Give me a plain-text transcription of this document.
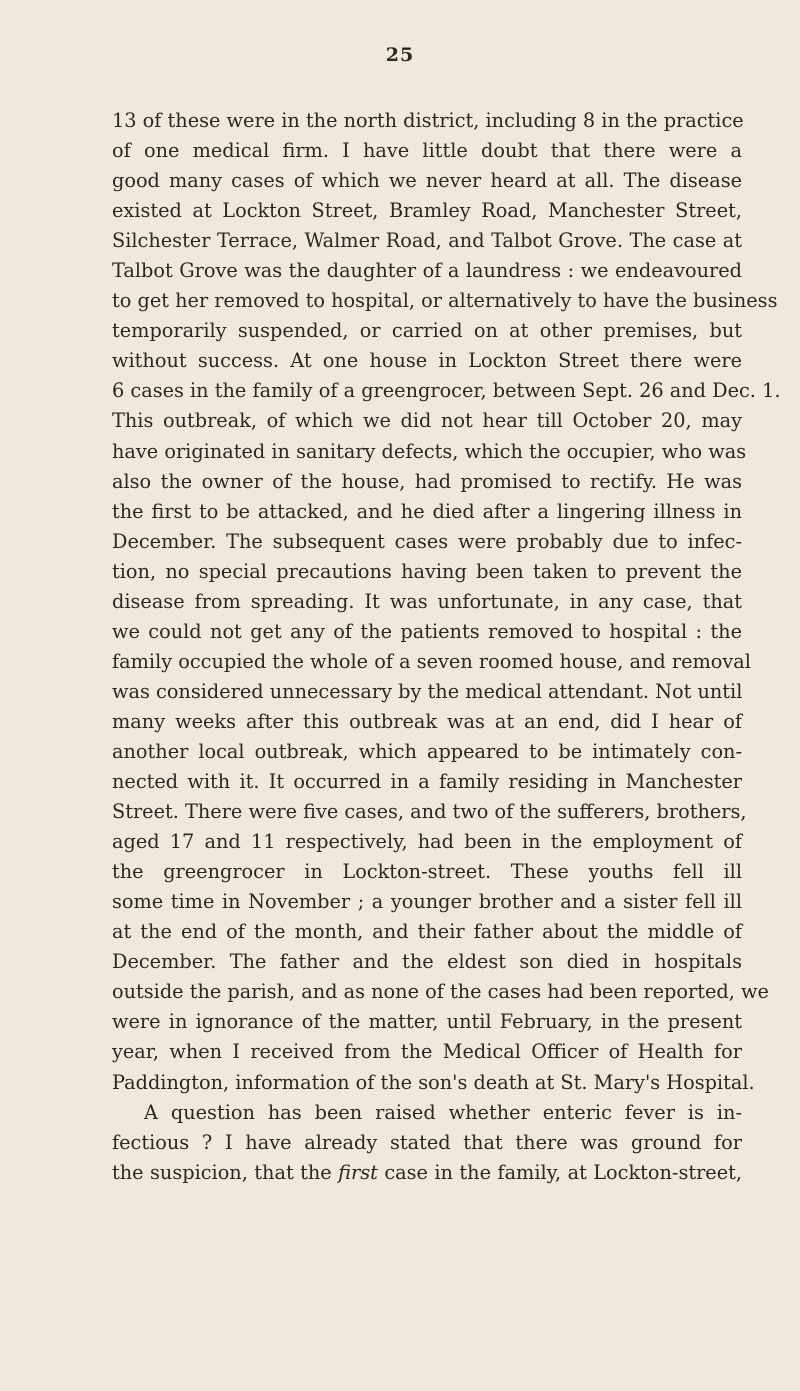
25
13 of these were in the north district, including 8 in the practice
of one medical firm. I have little doubt that there were a
good many cases of which we never heard at all. The disease
existed at Lockton Street, Bramley Road, Manchester Street,
Silchester Terrace, Walmer Road, and Talbot Grove. The case at
Talbot Grove was the daughter of a laundress : we endeavoured
to get her removed to hospital, or alternatively to have the business
temporarily suspended, or carried on at other premises, but
without success. At one house in Lockton Street there were
6 cases in the family of a greengrocer, between Sept. 26 and Dec. 1.
This outbreak, of which we did not hear till October 20, may
have originated in sanitary defects, which the occupier, who was
also the owner of the house, had promised to rectify. He was
the first to be attacked, and he died after a lingering illness in
December. The subsequent cases were probably due to infec-
tion, no special precautions having been taken to prevent the
disease from spreading. It was unfortunate, in any case, that
we could not get any of the patients removed to hospital : the
family occupied the whole of a seven roomed house, and removal
was considered unnecessary by the medical attendant. Not until
many weeks after this outbreak was at an end, did I hear of
another local outbreak, which appeared to be intimately con-
nected with it. It occurred in a family residing in Manchester
Street. There were five cases, and two of the sufferers, brothers,
aged 17 and 11 respectively, had been in the employment of
the greengrocer in Lockton-street. These youths fell ill
some time in November ; a younger brother and a sister fell ill
at the end of the month, and their father about the middle of
December. The father and the eldest son died in hospitals
outside the parish, and as none of the cases had been reported, we
were in ignorance of the matter, until February, in the present
year, when I received from the Medical Officer of Health for
Paddington, information of the son's death at St. Mary's Hospital.
A question has been raised whether enteric fever is in-
fectious ? I have already stated that there was ground for
the suspicion, that the first case in the family, at Lockton-street,
